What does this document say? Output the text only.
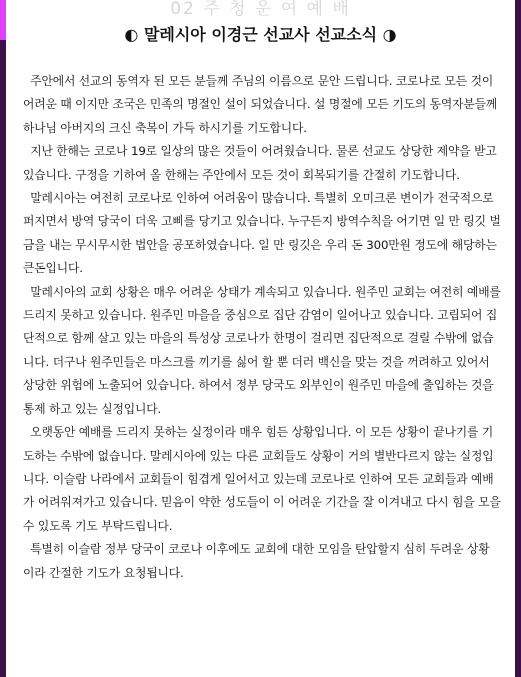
02 주 청 운 여 예 배
◐ 말레시아 이경근 선교사 선교소식 ◑

주안에서 선교의 동역자 된 모든 분들께 주님의 이름으로 문안 드립니다. 코로나로 모든 것이 어려운 때 이지만 조국은 민족의 명절인 설이 되었습니다. 설 명절에 모든 기도의 동역자분들께 하나님 아버지의 크신 축복이 가득 하시기를 기도합니다.

지난 한해는 코로나 19로 일상의 많은 것들이 어려웠습니다. 물론 선교도 상당한 제약을 받고 있습니다. 구정을 기하여 올 한해는 주안에서 모든 것이 회복되기를 간절히 기도합니다.

말레시아는 여전히 코로나로 인하여 어려움이 많습니다. 특별히 오미크론 변이가 전국적으로 퍼지면서 방역 당국이 더욱 고삐를 당기고 있습니다. 누구든지 방역수칙을 어기면 일 만 링깃 벌금을 내는 무시무시한 법안을 공포하였습니다. 일 만 링깃은 우리 돈 300만원 정도에 해당하는 큰돈입니다.

말레시아의 교회 상황은 매우 어려운 상태가 계속되고 있습니다. 원주민 교회는 여전히 예배를 드리지 못하고 있습니다. 원주민 마을을 중심으로 집단 감염이 일어나고 있습니다. 고립되어 집단적으로 함께 살고 있는 마을의 특성상 코로나가 한명이 걸리면 집단적으로 걸릴 수밖에 없습니다. 더구나 원주민들은 마스크를 끼기를 싫어 할 뿐 더러 백신을 맞는 것을 꺼려하고 있어서 상당한 위험에 노출되어 있습니다. 하여서 정부 당국도 외부인이 원주민 마을에 출입하는 것을 통제 하고 있는 실정입니다.

오랫동안 예배를 드리지 못하는 실정이라 매우 힘든 상황입니다. 이 모든 상황이 끝나기를 기도하는 수밖에 없습니다. 말레시아에 있는 다른 교회들도 상황이 거의 별반다르지 않는 실정입니다. 이슬람 나라에서 교회들이 힘겹게 일어서고 있는데 코로나로 인하여 모든 교회들과 예배가 어려워져가고 있습니다. 믿음이 약한 성도들이 이 어려운 기간을 잘 이겨내고 다시 힘을 모을 수 있도록 기도 부탁드립니다.

특별히 이슬람 정부 당국이 코로나 이후에도 교회에 대한 모임을 탄압할지 심히 두려운 상황 이라 간절한 기도가 요청됩니다.
